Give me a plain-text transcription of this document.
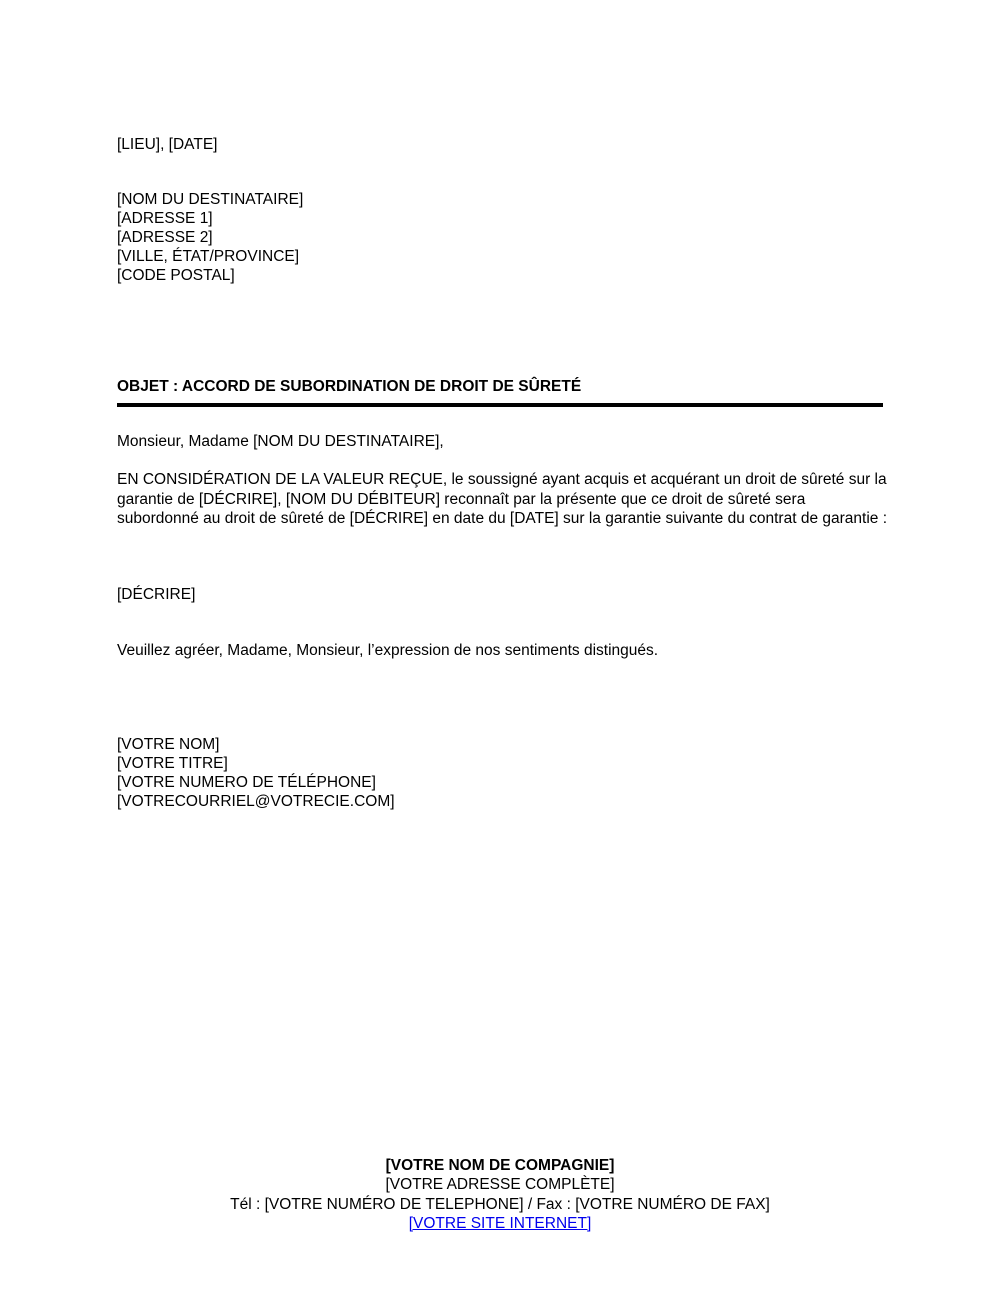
[LIEU], [DATE]
[NOM DU DESTINATAIRE]
[ADRESSE 1]
[ADRESSE 2]
[VILLE, ÉTAT/PROVINCE]
[CODE POSTAL]
OBJET : ACCORD DE SUBORDINATION DE DROIT DE SÛRETÉ
Monsieur, Madame [NOM DU DESTINATAIRE],
EN CONSIDÉRATION DE LA VALEUR REÇUE, le soussigné ayant acquis et acquérant un droit de sûreté sur la garantie de [DÉCRIRE], [NOM DU DÉBITEUR] reconnaît par la présente que ce droit de sûreté sera subordonné au droit de sûreté de [DÉCRIRE] en date du [DATE] sur la garantie suivante du contrat de garantie :
[DÉCRIRE]
Veuillez agréer, Madame, Monsieur, l’expression de nos sentiments distingués.
[VOTRE NOM]
[VOTRE TITRE]
[VOTRE NUMERO DE TÉLÉPHONE]
[VOTRECOURRIEL@VOTRECIE.COM]
[VOTRE NOM DE COMPAGNIE]
[VOTRE ADRESSE COMPLÈTE]
Tél : [VOTRE NUMÉRO DE TELEPHONE] / Fax : [VOTRE NUMÉRO DE FAX]
[VOTRE SITE INTERNET]
